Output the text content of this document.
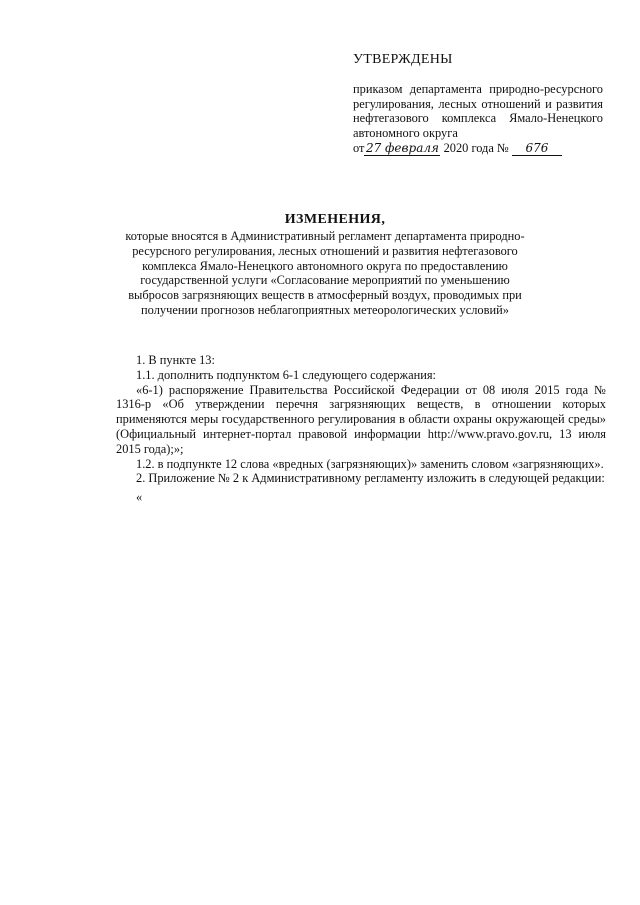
УТВЕРЖДЕНЫ

приказом департамента природно-ресурсного регулирования, лесных отношений и развития нефтегазового комплекса Ямало-Ненецкого автономного округа

от 27 февраля 2020 года № 676

ИЗМЕНЕНИЯ,

которые вносятся в Административный регламент департамента природно-ресурсного регулирования, лесных отношений и развития нефтегазового комплекса Ямало-Ненецкого автономного округа по предоставлению государственной услуги «Согласование мероприятий по уменьшению выбросов загрязняющих веществ в атмосферный воздух, проводимых при получении прогнозов неблагоприятных метеорологических условий»

1. В пункте 13:

1.1. дополнить подпунктом 6-1 следующего содержания:

«6-1) распоряжение Правительства Российской Федерации от 08 июля 2015 года № 1316-р «Об утверждении перечня загрязняющих веществ, в отношении которых применяются меры государственного регулирования в области охраны окружающей среды» (Официальный интернет-портал правовой информации http://www.pravo.gov.ru, 13 июля 2015 года);»;

1.2. в подпункте 12 слова «вредных (загрязняющих)» заменить словом «загрязняющих».

2. Приложение № 2 к Административному регламенту изложить в следующей редакции:

«
